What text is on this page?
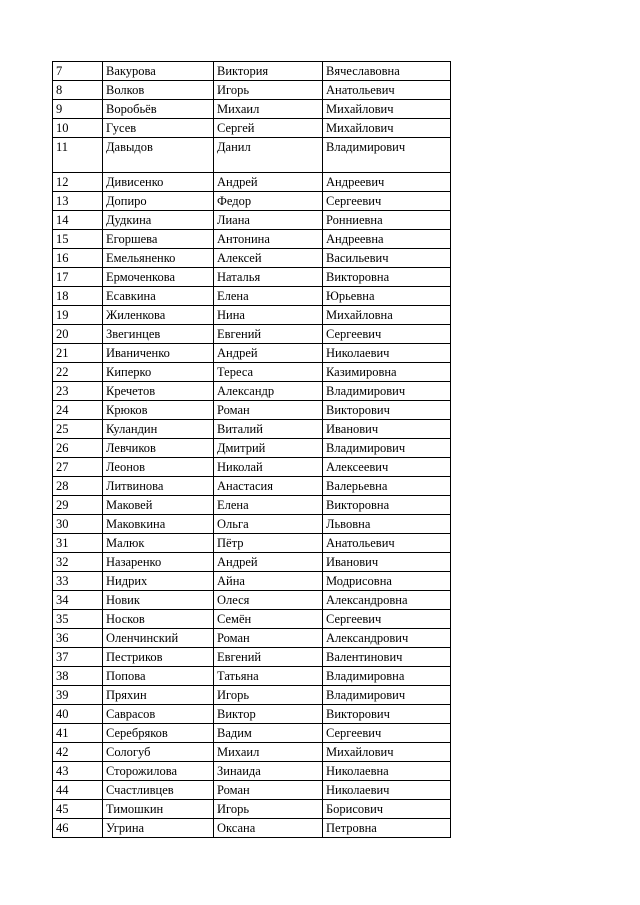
7	Вакурова	Виктория	Вячеславовна
8	Волков	Игорь	Анатольевич
9	Воробьёв	Михаил	Михайлович
10	Гусев	Сергей	Михайлович
11	Давыдов	Данил	Владимирович
12	Дивисенко	Андрей	Андреевич
13	Допиро	Федор	Сергеевич
14	Дудкина	Лиана	Ронниевна
15	Егоршева	Антонина	Андреевна
16	Емельяненко	Алексей	Васильевич
17	Ермоченкова	Наталья	Викторовна
18	Есавкина	Елена	Юрьевна
19	Жиленкова	Нина	Михайловна
20	Звегинцев	Евгений	Сергеевич
21	Иваниченко	Андрей	Николаевич
22	Киперко	Тереса	Казимировна
23	Кречетов	Александр	Владимирович
24	Крюков	Роман	Викторович
25	Куландин	Виталий	Иванович
26	Левчиков	Дмитрий	Владимирович
27	Леонов	Николай	Алексеевич
28	Литвинова	Анастасия	Валерьевна
29	Маковей	Елена	Викторовна
30	Маковкина	Ольга	Львовна
31	Малюк	Пётр	Анатольевич
32	Назаренко	Андрей	Иванович
33	Нидрих	Айна	Модрисовна
34	Новик	Олеся	Александровна
35	Носков	Семён	Сергеевич
36	Оленчинский	Роман	Александрович
37	Пестриков	Евгений	Валентинович
38	Попова	Татьяна	Владимировна
39	Пряхин	Игорь	Владимирович
40	Саврасов	Виктор	Викторович
41	Серебряков	Вадим	Сергеевич
42	Сологуб	Михаил	Михайлович
43	Сторожилова	Зинаида	Николаевна
44	Счастливцев	Роман	Николаевич
45	Тимошкин	Игорь	Борисович
46	Угрина	Оксана	Петровна
